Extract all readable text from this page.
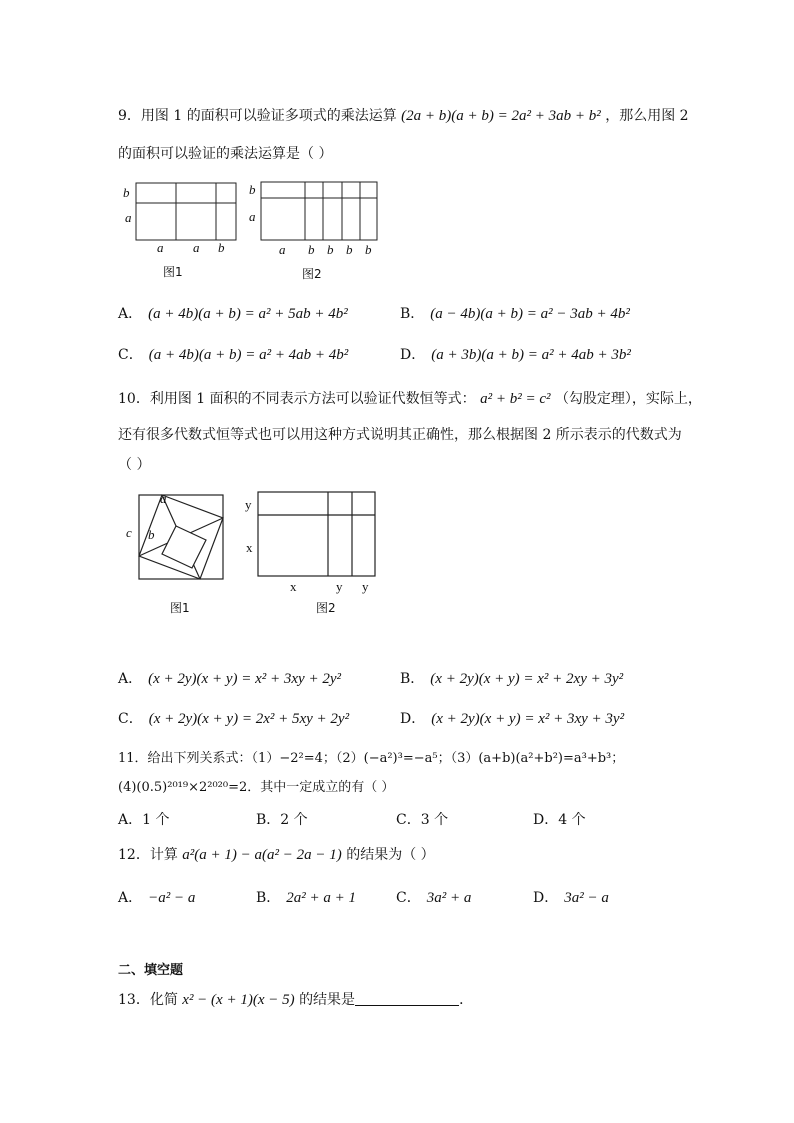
9．用图 1 的面积可以验证多项式的乘法运算 (2a + b)(a + b) = 2a² + 3ab + b² ，那么用图 2
的面积可以验证的乘法运算是（ ）
b
a
a a b
图1
b
a
a b b b b
图2
A． (a + 4b)(a + b) = a² + 5ab + 4b²	B． (a − 4b)(a + b) = a² − 3ab + 4b²
C． (a + 4b)(a + b) = a² + 4ab + 4b²	D． (a + 3b)(a + b) = a² + 4ab + 3b²
10．利用图 1 面积的不同表示方法可以验证代数恒等式： a² + b² = c² （勾股定理），实际上，
还有很多代数式恒等式也可以用这种方式说明其正确性，那么根据图 2 所示表示的代数式为
（ ）
a
b
c
图1
y
x
x	y y
图2
A． (x + 2y)(x + y) = x² + 3xy + 2y²	B． (x + 2y)(x + y) = x² + 2xy + 3y²
C． (x + 2y)(x + y) = 2x² + 5xy + 2y²	D． (x + 2y)(x + y) = x² + 3xy + 3y²
11．给出下列关系式：（1）−2²=4；（2）(−a²)³=−a⁵；（3）(a+b)(a²+b²)=a³+b³；
(4)(0.5)²⁰¹⁹×2²⁰²⁰=2．其中一定成立的有（ ）
A．1 个	B．2 个	C．3 个	D．4 个
12．计算 a²(a + 1) − a(a² − 2a − 1) 的结果为（ ）
A． −a² − a	B． 2a² + a + 1	C． 3a² + a	D． 3a² − a
二、填空题
13．化简 x² − (x + 1)(x − 5) 的结果是	．
